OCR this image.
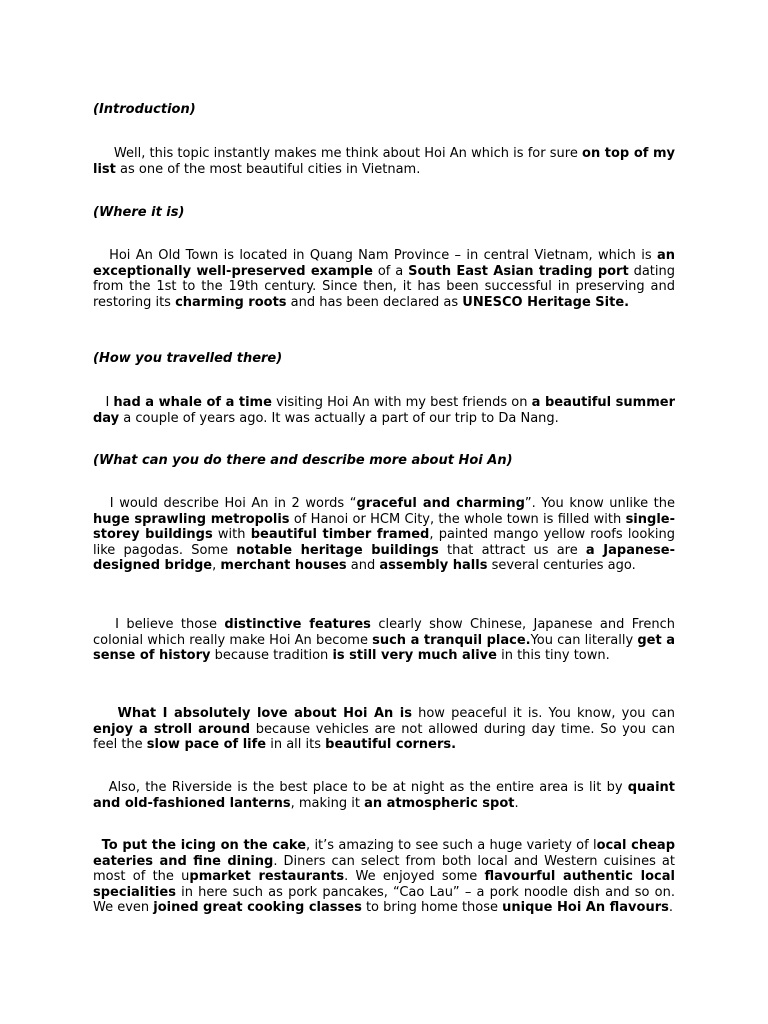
(Introduction)
Well, this topic instantly makes me think about Hoi An which is for sure on top of my list as one of the most beautiful cities in Vietnam.
(Where it is)
Hoi An Old Town is located in Quang Nam Province – in central Vietnam, which is an exceptionally well-preserved example of a South East Asian trading port dating from the 1st to the 19th century. Since then, it has been successful in preserving and restoring its charming roots and has been declared as UNESCO Heritage Site.
(How you travelled there)
I had a whale of a time visiting Hoi An with my best friends on a beautiful summer day a couple of years ago. It was actually a part of our trip to Da Nang.
(What can you do there and describe more about Hoi An)
I would describe Hoi An in 2 words “graceful and charming”. You know unlike the huge sprawling metropolis of Hanoi or HCM City, the whole town is filled with single-storey buildings with beautiful timber framed, painted mango yellow roofs looking like pagodas. Some notable heritage buildings that attract us are a Japanese-designed bridge, merchant houses and assembly halls several centuries ago.
I believe those distinctive features clearly show Chinese, Japanese and French colonial which really make Hoi An become such a tranquil place.You can literally get a sense of history because tradition is still very much alive in this tiny town.
What I absolutely love about Hoi An is how peaceful it is. You know, you can enjoy a stroll around because vehicles are not allowed during day time. So you can feel the slow pace of life in all its beautiful corners.
Also, the Riverside is the best place to be at night as the entire area is lit by quaint and old-fashioned lanterns, making it an atmospheric spot.
To put the icing on the cake, it’s amazing to see such a huge variety of local cheap eateries and fine dining. Diners can select from both local and Western cuisines at most of the upmarket restaurants. We enjoyed some flavourful authentic local specialities in here such as pork pancakes, “Cao Lau” – a pork noodle dish and so on. We even joined great cooking classes to bring home those unique Hoi An flavours.
